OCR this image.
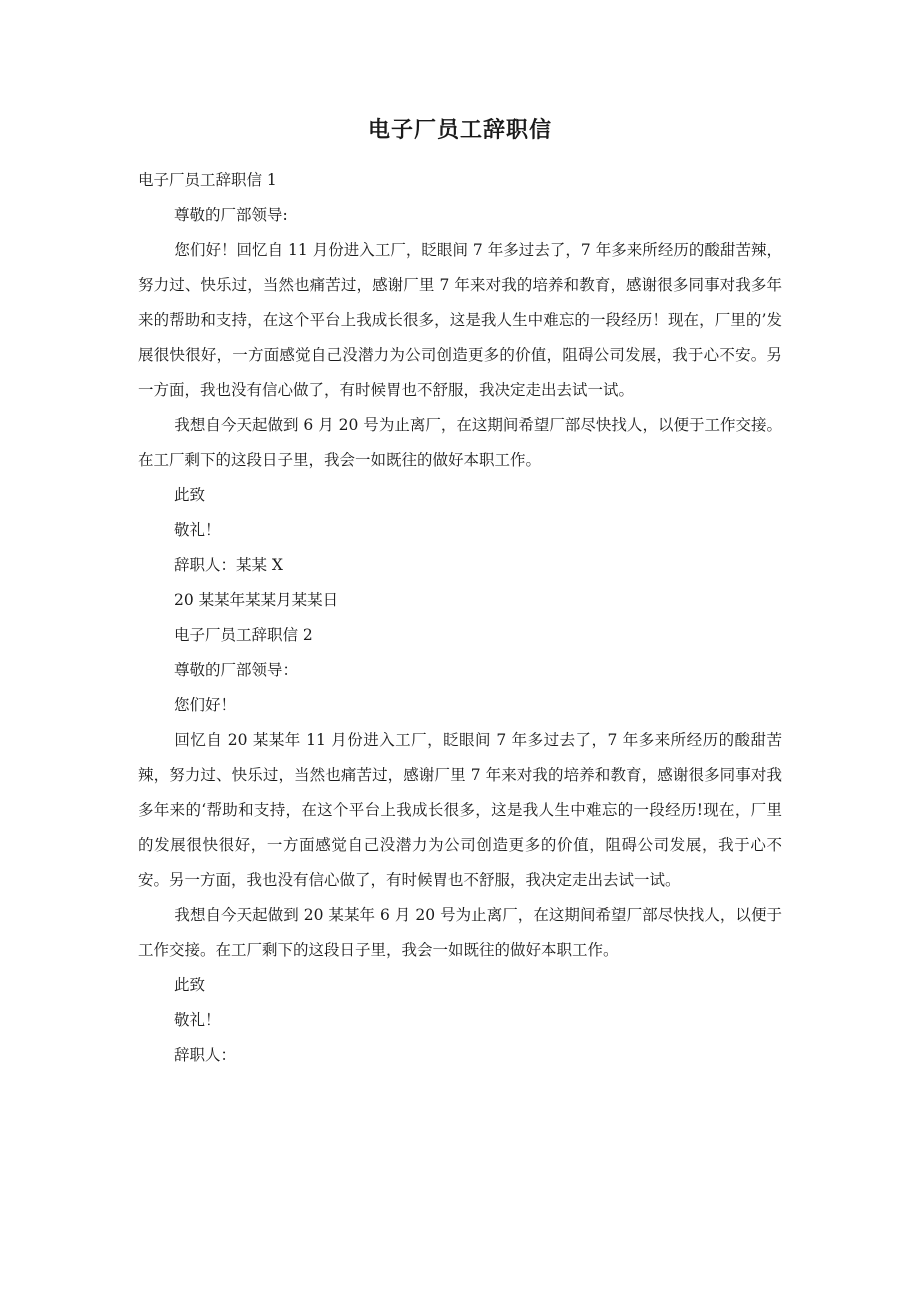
电子厂员工辞职信

电子厂员工辞职信 1

尊敬的厂部领导:

您们好！回忆自 11 月份进入工厂，眨眼间 7 年多过去了，7 年多来所经历的酸甜苦辣，努力过、快乐过，当然也痛苦过，感谢厂里 7 年来对我的培养和教育，感谢很多同事对我多年来的帮助和支持，在这个平台上我成长很多，这是我人生中难忘的一段经历！现在，厂里的’发展很快很好，一方面感觉自己没潜力为公司创造更多的价值，阻碍公司发展，我于心不安。另一方面，我也没有信心做了，有时候胃也不舒服，我决定走出去试一试。

我想自今天起做到 6 月 20 号为止离厂，在这期间希望厂部尽快找人，以便于工作交接。在工厂剩下的这段日子里，我会一如既往的做好本职工作。

此致

敬礼！

辞职人：某某 X

20 某某年某某月某某日

电子厂员工辞职信 2

尊敬的厂部领导：

您们好！

回忆自 20 某某年 11 月份进入工厂，眨眼间 7 年多过去了，7 年多来所经历的酸甜苦辣，努力过、快乐过，当然也痛苦过，感谢厂里 7 年来对我的培养和教育，感谢很多同事对我多年来的‘帮助和支持，在这个平台上我成长很多，这是我人生中难忘的一段经历!现在，厂里的发展很快很好，一方面感觉自己没潜力为公司创造更多的价值，阻碍公司发展，我于心不安。另一方面，我也没有信心做了，有时候胃也不舒服，我决定走出去试一试。

我想自今天起做到 20 某某年 6 月 20 号为止离厂，在这期间希望厂部尽快找人，以便于工作交接。在工厂剩下的这段日子里，我会一如既往的做好本职工作。

此致

敬礼！

辞职人：
